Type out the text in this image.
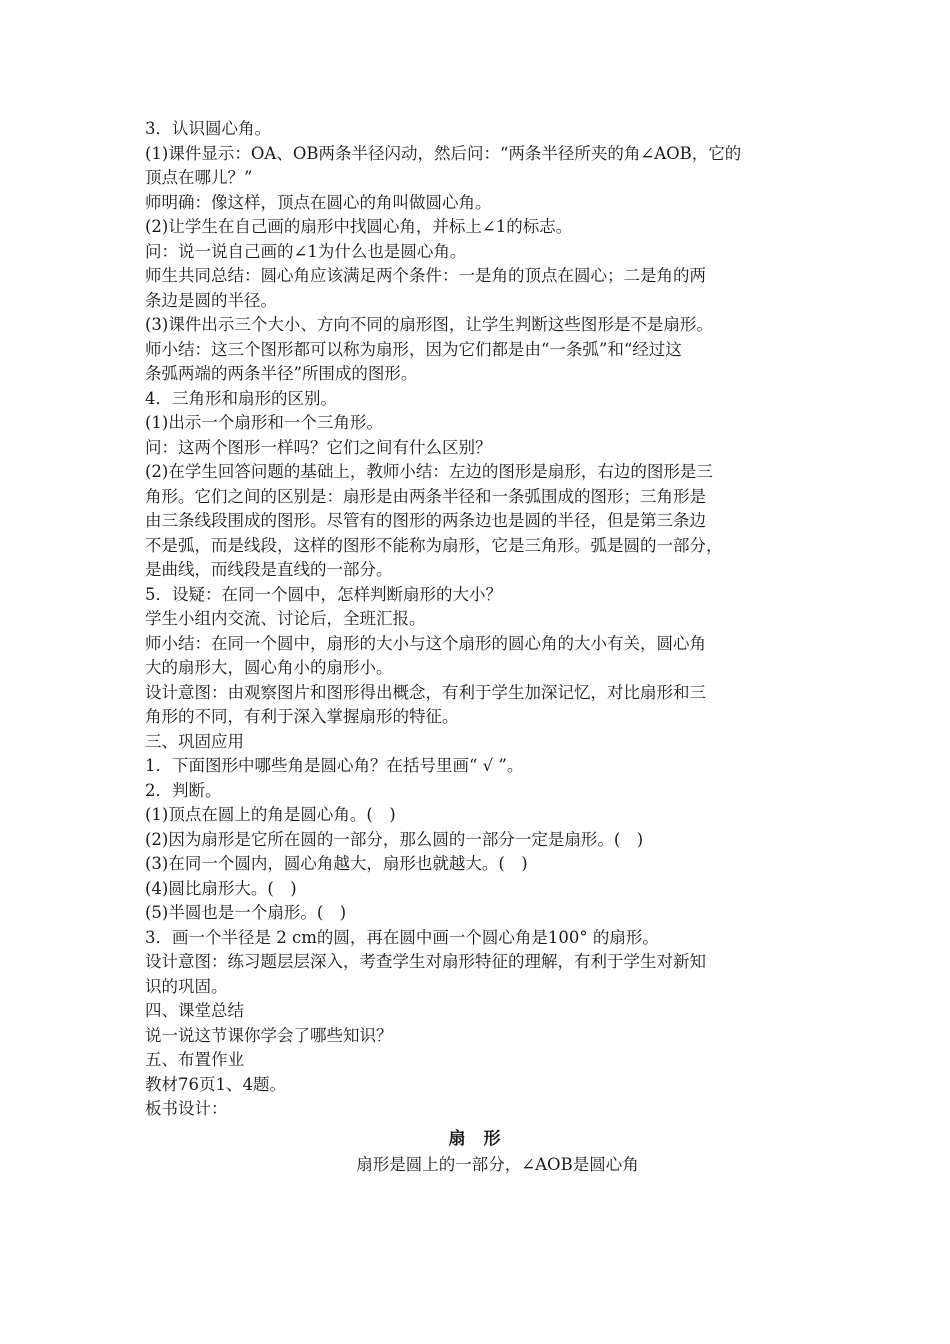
3．认识圆心角。

(1)课件显示：OA、OB两条半径闪动，然后问：“两条半径所夹的角∠AOB，它的

顶点在哪儿？”

师明确：像这样，顶点在圆心的角叫做圆心角。

(2)让学生在自己画的扇形中找圆心角，并标上∠1的标志。

问：说一说自己画的∠1为什么也是圆心角。

师生共同总结：圆心角应该满足两个条件：一是角的顶点在圆心；二是角的两

条边是圆的半径。

(3)课件出示三个大小、方向不同的扇形图，让学生判断这些图形是不是扇形。

师小结：这三个图形都可以称为扇形，因为它们都是由“一条弧”和“经过这

条弧两端的两条半径”所围成的图形。

4．三角形和扇形的区别。

(1)出示一个扇形和一个三角形。

问：这两个图形一样吗？它们之间有什么区别？

(2)在学生回答问题的基础上，教师小结：左边的图形是扇形，右边的图形是三

角形。它们之间的区别是：扇形是由两条半径和一条弧围成的图形；三角形是

由三条线段围成的图形。尽管有的图形的两条边也是圆的半径，但是第三条边

不是弧，而是线段，这样的图形不能称为扇形，它是三角形。弧是圆的一部分，

是曲线，而线段是直线的一部分。

5．设疑：在同一个圆中，怎样判断扇形的大小？

学生小组内交流、讨论后，全班汇报。

师小结：在同一个圆中，扇形的大小与这个扇形的圆心角的大小有关，圆心角

大的扇形大，圆心角小的扇形小。

设计意图：由观察图片和图形得出概念，有利于学生加深记忆，对比扇形和三

角形的不同，有利于深入掌握扇形的特征。

三、巩固应用

1．下面图形中哪些角是圆心角？在括号里画“ √ ”。

2．判断。

(1)顶点在圆上的角是圆心角。(　)

(2)因为扇形是它所在圆的一部分，那么圆的一部分一定是扇形。(　)

(3)在同一个圆内，圆心角越大，扇形也就越大。(　)

(4)圆比扇形大。(　)

(5)半圆也是一个扇形。(　)

3．画一个半径是 2 cm的圆，再在圆中画一个圆心角是100° 的扇形。

设计意图：练习题层层深入，考查学生对扇形特征的理解，有利于学生对新知

识的巩固。

四、课堂总结

说一说这节课你学会了哪些知识？

五、布置作业

教材76页1、4题。

板书设计：

扇 形
扇形是圆上的一部分，∠AOB是圆心角
